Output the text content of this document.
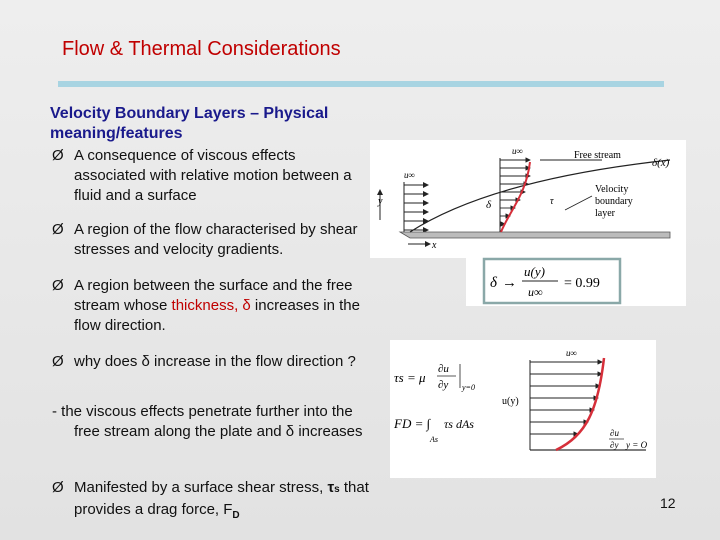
Flow & Thermal Considerations
Velocity Boundary Layers – Physical meaning/features
Ø A consequence of viscous effects associated with relative motion between a fluid and a surface
Ø A region of the flow characterised by shear stresses and velocity gradients.
Ø A region between the surface and the free stream whose thickness, δ increases in the flow direction.
Ø why does δ increase in the flow direction ?
- the viscous effects penetrate further into the free stream along the plate and δ increases
Ø Manifested by a surface shear stress, τs that provides a drag force, $F_D$
y
u∞
x
u∞	Free stream
δ(x)
δ	τ
Velocity
boundary
layer
δ →
u(y)
u∞
= 0.99
τs = μ
∂u
∂y y=0
FD = ∫ τs dAs
As
u∞
u(y)
∂u
∂y y = O
12
